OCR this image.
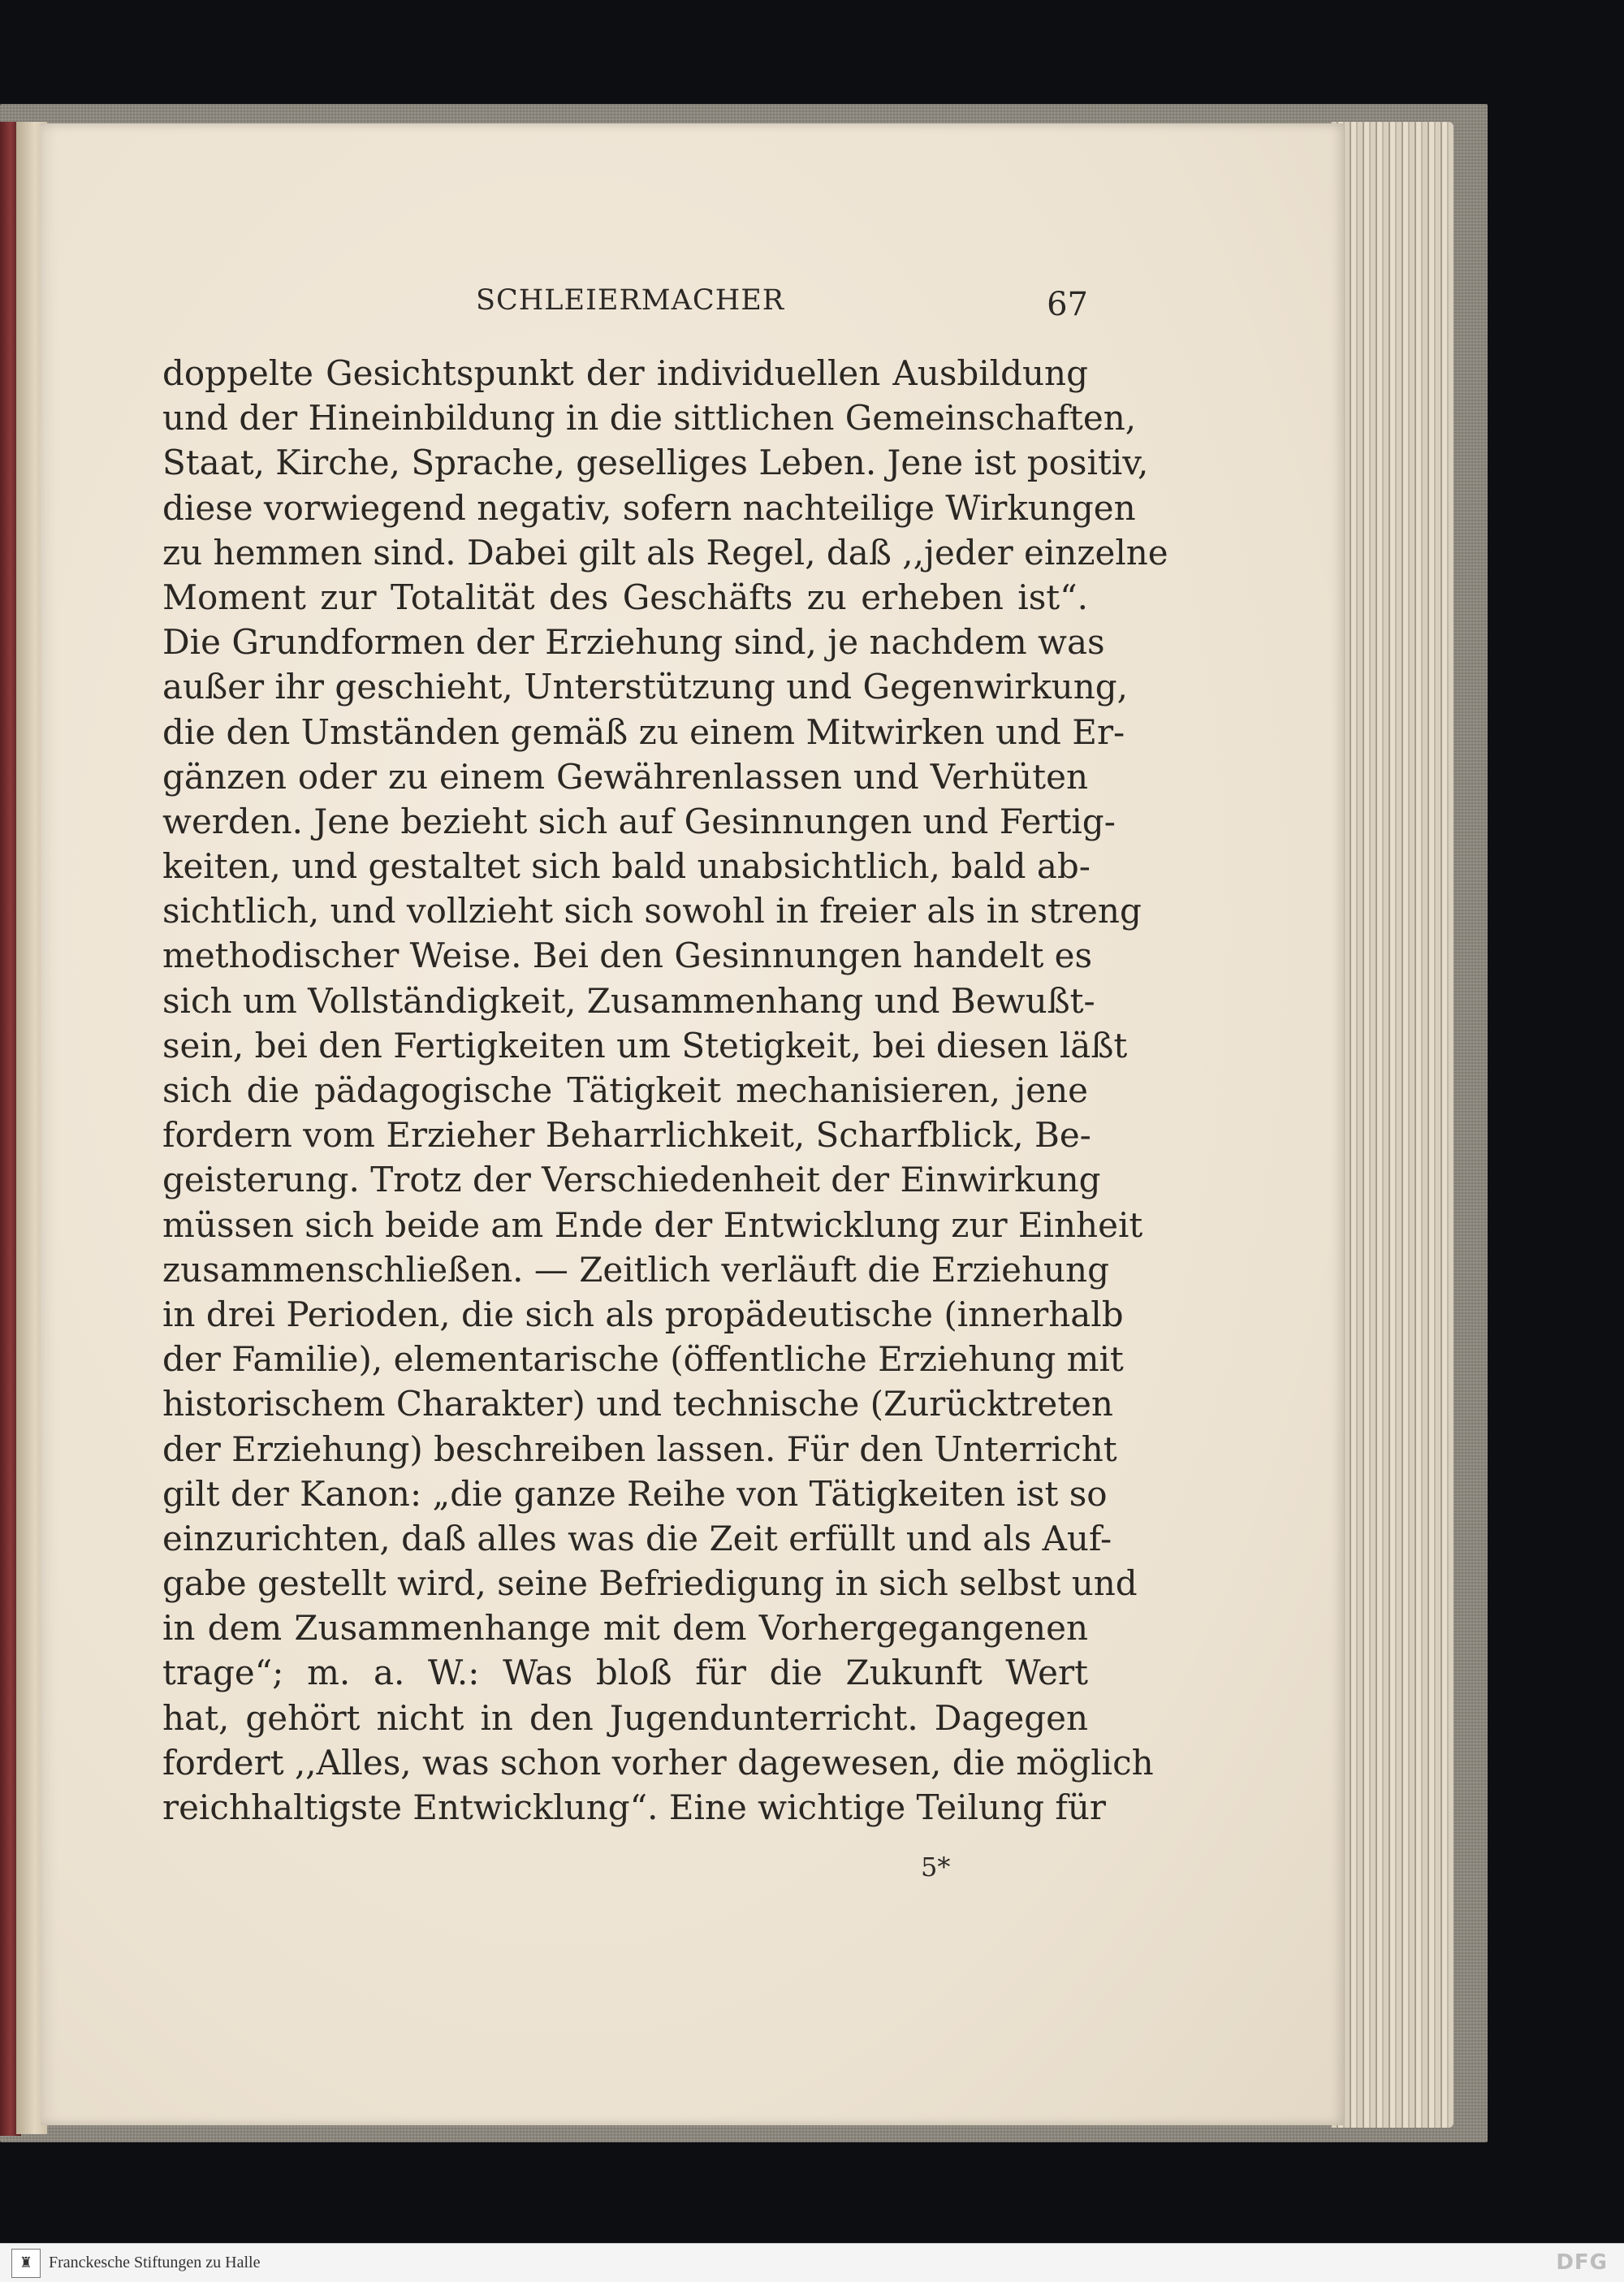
SCHLEIERMACHER	67
doppelte Gesichtspunkt der individuellen Ausbildung
und der Hineinbildung in die sittlichen Gemeinschaften,
Staat, Kirche, Sprache, geselliges Leben. Jene ist positiv,
diese vorwiegend negativ, sofern nachteilige Wirkungen
zu hemmen sind. Dabei gilt als Regel, daß ,,jeder einzelne
Moment zur Totalität des Geschäfts zu erheben ist“.
Die Grundformen der Erziehung sind, je nachdem was
außer ihr geschieht, Unterstützung und Gegenwirkung,
die den Umständen gemäß zu einem Mitwirken und Er-
gänzen oder zu einem Gewährenlassen und Verhüten
werden. Jene bezieht sich auf Gesinnungen und Fertig-
keiten, und gestaltet sich bald unabsichtlich, bald ab-
sichtlich, und vollzieht sich sowohl in freier als in streng
methodischer Weise. Bei den Gesinnungen handelt es
sich um Vollständigkeit, Zusammenhang und Bewußt-
sein, bei den Fertigkeiten um Stetigkeit, bei diesen läßt
sich die pädagogische Tätigkeit mechanisieren, jene
fordern vom Erzieher Beharrlichkeit, Scharfblick, Be-
geisterung. Trotz der Verschiedenheit der Einwirkung
müssen sich beide am Ende der Entwicklung zur Einheit
zusammenschließen. — Zeitlich verläuft die Erziehung
in drei Perioden, die sich als propädeutische (innerhalb
der Familie), elementarische (öffentliche Erziehung mit
historischem Charakter) und technische (Zurücktreten
der Erziehung) beschreiben lassen. Für den Unterricht
gilt der Kanon: „die ganze Reihe von Tätigkeiten ist so
einzurichten, daß alles was die Zeit erfüllt und als Auf-
gabe gestellt wird, seine Befriedigung in sich selbst und
in dem Zusammenhange mit dem Vorhergegangenen
trage“; m. a. W.: Was bloß für die Zukunft Wert
hat, gehört nicht in den Jugendunterricht. Dagegen
fordert ,,Alles, was schon vorher dagewesen, die möglich
reichhaltigste Entwicklung“. Eine wichtige Teilung für
5*
♜ Franckesche Stiftungen zu Halle	DFG
